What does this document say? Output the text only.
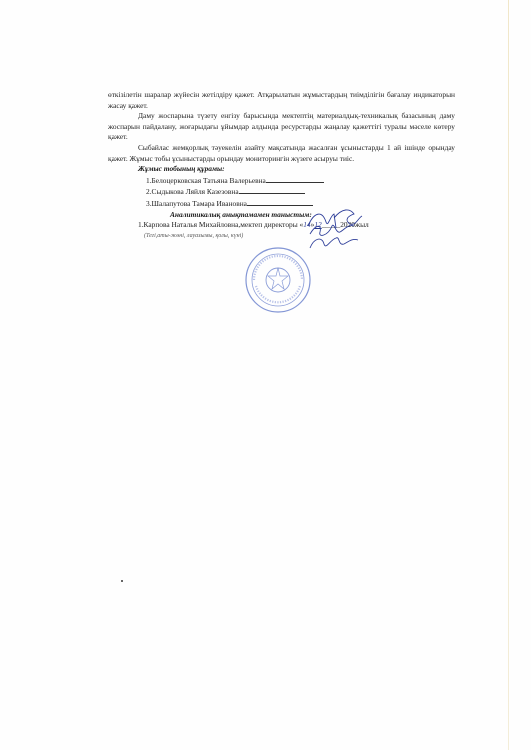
өткізілетін шаралар жүйесін жетілдіру қажет. Атқарылатын жұмыстардың тиімділігін бағалау индикаторын жасау қажет.

Даму жоспарына түзету енгізу барысында мектептің материалдық-техникалық базасының даму жоспарын пайдалану, жоғарыдағы ұйымдар алдында ресурстарды жаңалау қажеттігі туралы мәселе көтеру қажет.

Сыбайлас жемқорлық тәуекелін азайту мақсатында жасалған ұсыныстарды 1 ай ішінде орындау қажет. Жұмыс тобы ұсыныстарды орындау мониторингін жүзеге асыруы тиіс.

Жұмыс тобының құрамы:

1.Белоцерковская Татьяна Валерьевна

2.Сыдыкова Ляйля Казезовна

3.Шалапутова Тамара Ивановна

Аналитикалық анықтамамен таныстым:

1.Карпова Наталья Михайловна,мектеп директоры «14»12_____2020жыл

(Тегі,аты-жөні, лауазымы, қолы, күні)
